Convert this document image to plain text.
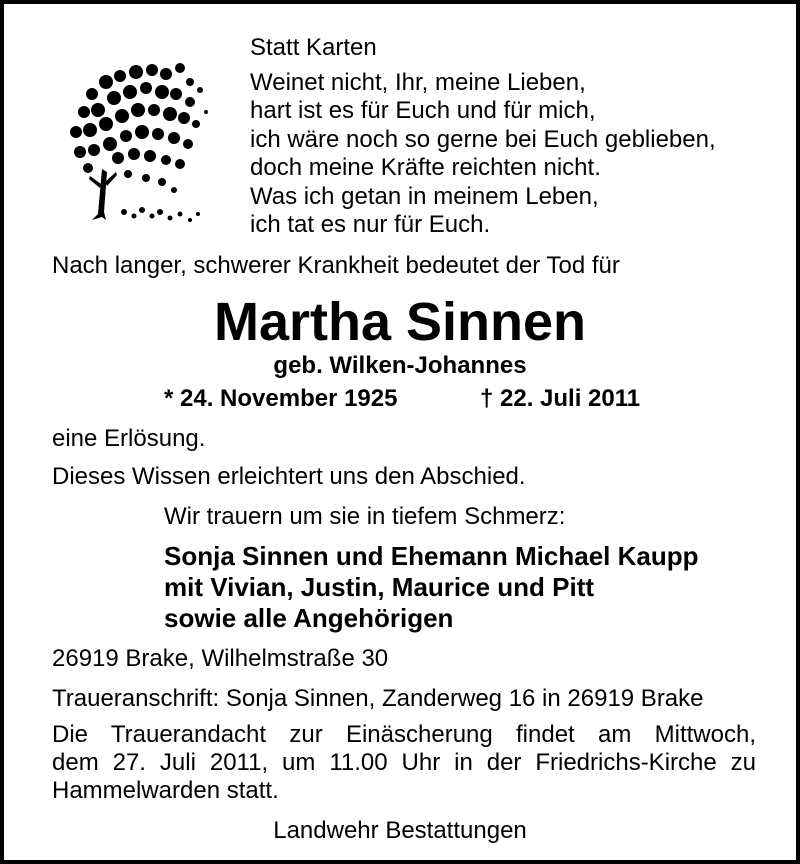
Statt Karten
Weinet nicht, Ihr, meine Lieben,
hart ist es für Euch und für mich,
ich wäre noch so gerne bei Euch geblieben,
doch meine Kräfte reichten nicht.
Was ich getan in meinem Leben,
ich tat es nur für Euch.
Nach langer, schwerer Krankheit bedeutet der Tod für
Martha Sinnen
geb. Wilken-Johannes
* 24. November 1925	† 22. Juli 2011
eine Erlösung.
Dieses Wissen erleichtert uns den Abschied.
Wir trauern um sie in tiefem Schmerz:
Sonja Sinnen und Ehemann Michael Kaupp
mit Vivian, Justin, Maurice und Pitt
sowie alle Angehörigen
26919 Brake, Wilhelmstraße 30
Traueranschrift: Sonja Sinnen, Zanderweg 16 in 26919 Brake
Die Trauerandacht zur Einäscherung findet am Mittwoch,
dem 27. Juli 2011, um 11.00 Uhr in der Friedrichs-Kirche zu
Hammelwarden statt.
Landwehr Bestattungen
